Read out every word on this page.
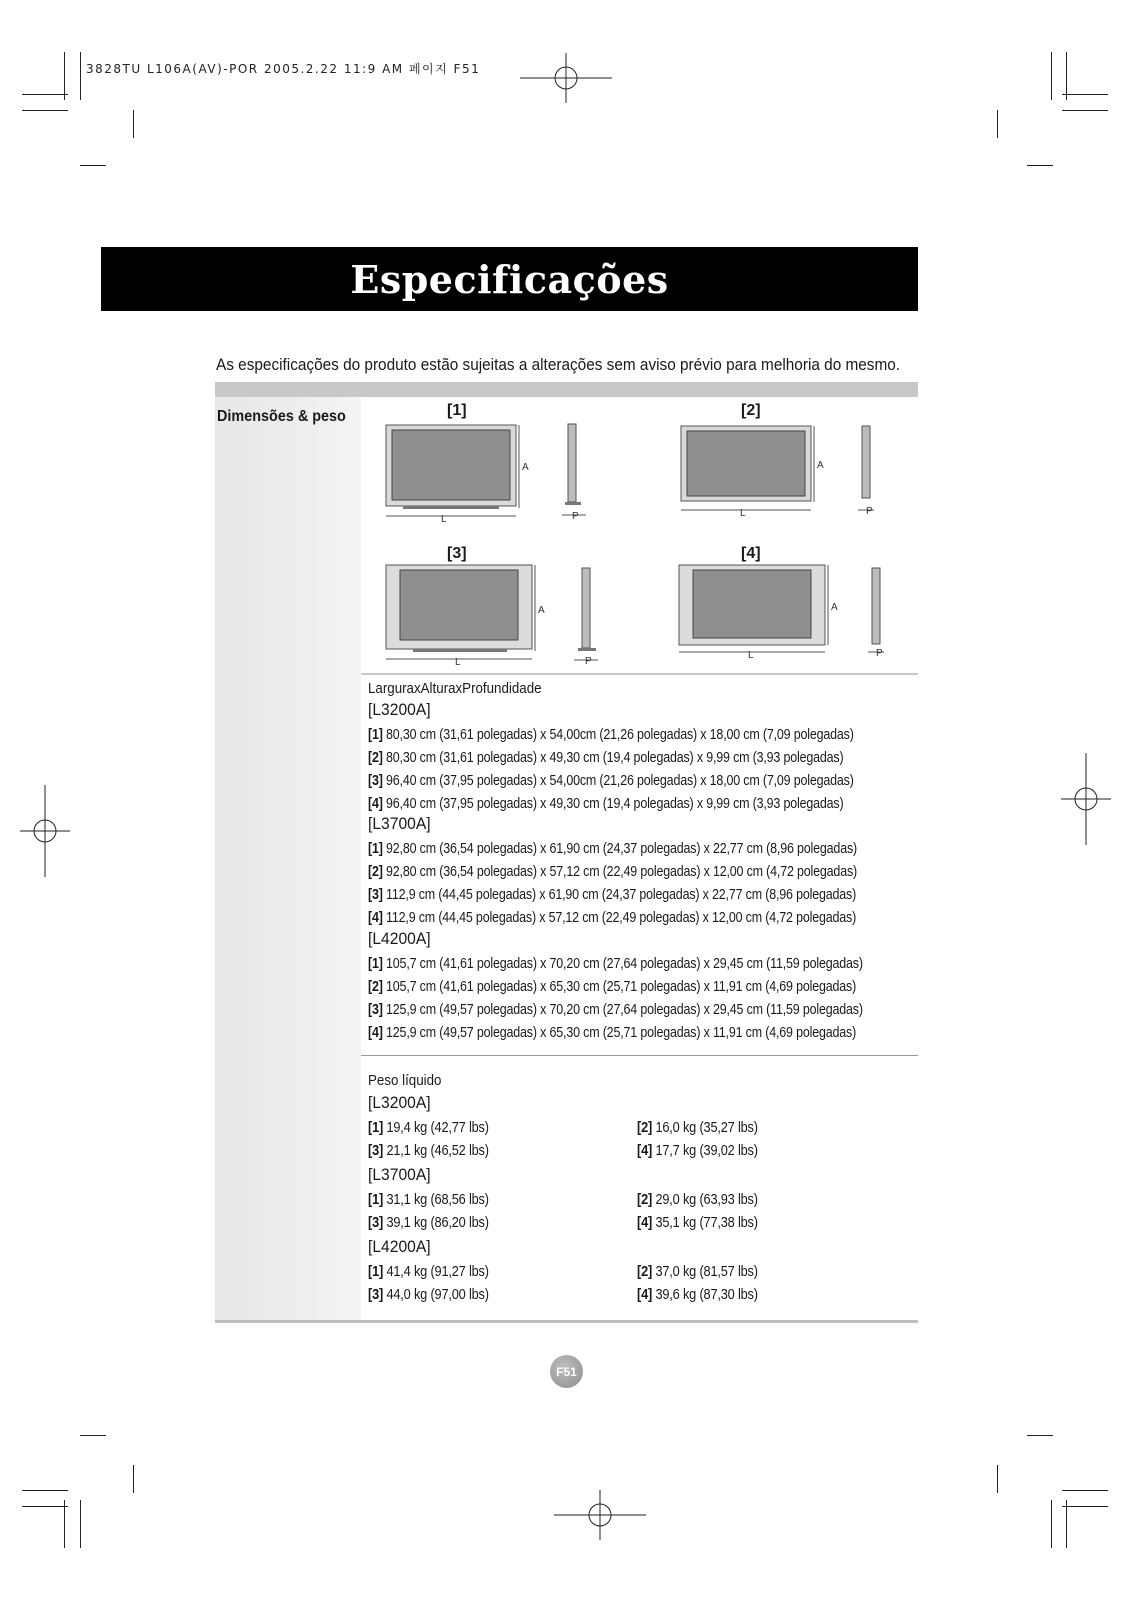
3828TU L106A(AV)-POR 2005.2.22 11:9 AM 페이지 F51
Especificações
As especificações do produto estão sujeitas a alterações sem aviso prévio para melhoria do mesmo.
Dimensões & peso	[1]	[2]
[3]	[4]
A
L	P
A
L	P
A
L	P
A
L	P
LarguraxAlturaxProfundidade
[L3200A]
[1] 80,30 cm (31,61 polegadas) x 54,00cm (21,26 polegadas) x 18,00 cm (7,09 polegadas)
[2] 80,30 cm (31,61 polegadas) x 49,30 cm (19,4 polegadas) x 9,99 cm (3,93 polegadas)
[3] 96,40 cm (37,95 polegadas) x 54,00cm (21,26 polegadas) x 18,00 cm (7,09 polegadas)
[4] 96,40 cm (37,95 polegadas) x 49,30 cm (19,4 polegadas) x 9,99 cm (3,93 polegadas)
[L3700A]
[1] 92,80 cm (36,54 polegadas) x 61,90 cm (24,37 polegadas) x 22,77 cm (8,96 polegadas)
[2] 92,80 cm (36,54 polegadas) x 57,12 cm (22,49 polegadas) x 12,00 cm (4,72 polegadas)
[3] 112,9 cm (44,45 polegadas) x 61,90 cm (24,37 polegadas) x 22,77 cm (8,96 polegadas)
[4] 112,9 cm (44,45 polegadas) x 57,12 cm (22,49 polegadas) x 12,00 cm (4,72 polegadas)
[L4200A]
[1] 105,7 cm (41,61 polegadas) x 70,20 cm (27,64 polegadas) x 29,45 cm (11,59 polegadas)
[2] 105,7 cm (41,61 polegadas) x 65,30 cm (25,71 polegadas) x 11,91 cm (4,69 polegadas)
[3] 125,9 cm (49,57 polegadas) x 70,20 cm (27,64 polegadas) x 29,45 cm (11,59 polegadas)
[4] 125,9 cm (49,57 polegadas) x 65,30 cm (25,71 polegadas) x 11,91 cm (4,69 polegadas)
Peso líquido
[L3200A]
[1] 19,4 kg (42,77 lbs)	[2] 16,0 kg (35,27 lbs)
[3] 21,1 kg (46,52 lbs)	[4] 17,7 kg (39,02 lbs)
[L3700A]
[1] 31,1 kg (68,56 lbs)	[2] 29,0 kg (63,93 lbs)
[3] 39,1 kg (86,20 lbs)	[4] 35,1 kg (77,38 lbs)
[L4200A]
[1] 41,4 kg (91,27 lbs)	[2] 37,0 kg (81,57 lbs)
[3] 44,0 kg (97,00 lbs)	[4] 39,6 kg (87,30 lbs)
F51
